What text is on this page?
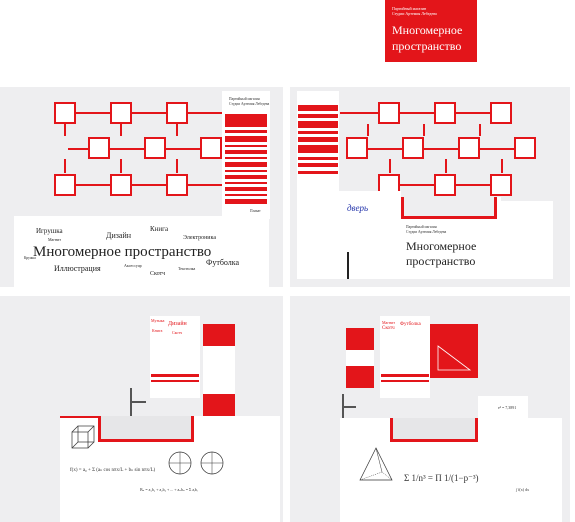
Партийный магазин
Студии Артемия Лебедева
Многомерное
пространство
Партийный магазин
Студии Артемия Лебедева
Плакат
Игрушка
Магнит	Дизайн
Книга
Электроника
Многомерное пространство
Кружка
Иллюстрация	Аксессуар
Текстилка
Футболка
Скотч
дверь
Партийный магазин
Студии Артемия Лебедева
Многомерное
пространство
Музыка
Дизайн
Книга Скотч
f(x) = a₀ + Σ (aₙ cos nπx/L + bₙ sin nπx/L)
Bₙ = a₁b₁ + a₂b₂ + ... + aₙbₙ = Σ aᵢbᵢ
Магнит
Скотч
Футболка
e² = 7,3891
Σ 1/n³ = Π 1/(1−p⁻³)
∫ f(x) dx
